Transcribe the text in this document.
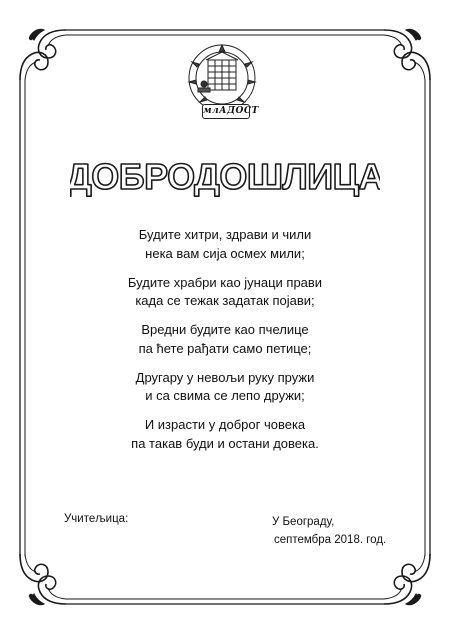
млАДОСТ
ДОБРОДОШЛИЦА
Будите хитри, здрави и чили
нека вам сија осмех мили;
Будите храбри као јунаци прави
када се тежак задатак појави;
Вредни будите као пчелице
па ћете рађати само петице;
Другару у невољи руку пружи
и са свима се лепо дружи;
И израсти у доброг човека
па такав буди и остани довека.
Учитељица:	У Београду,
септембра 2018. год.
